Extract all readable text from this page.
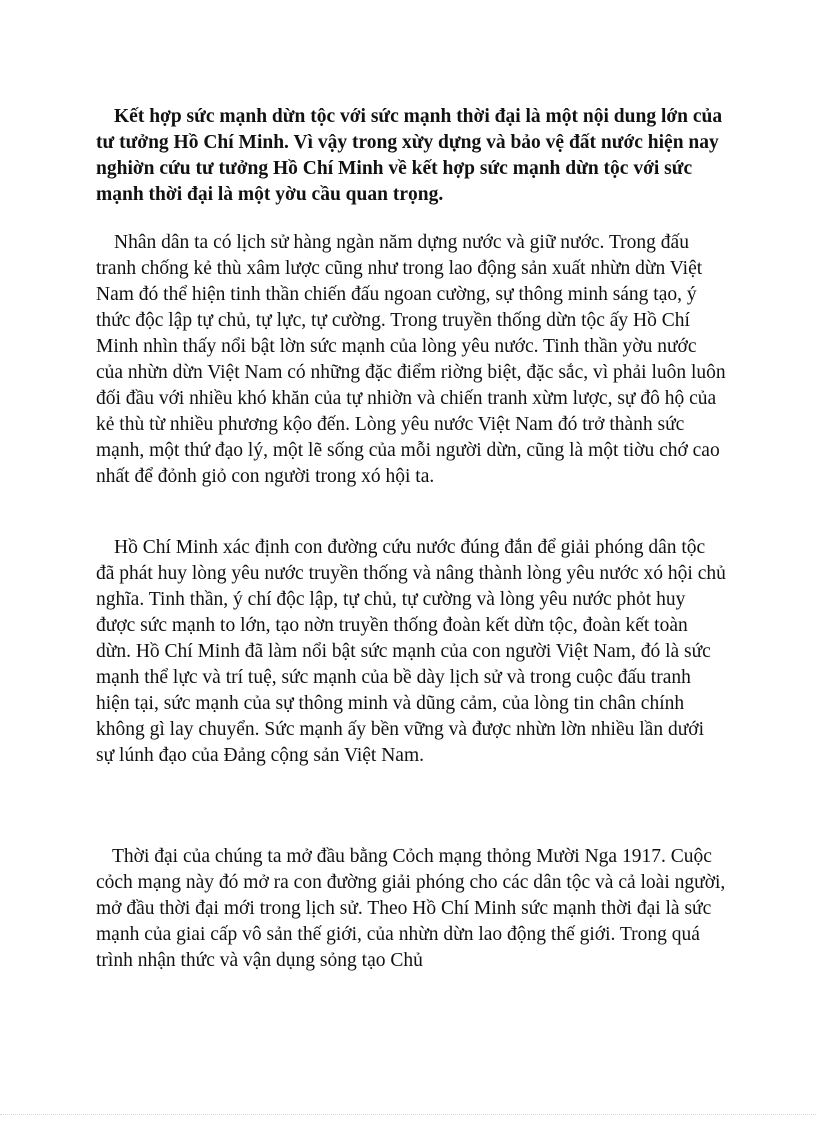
Kết hợp sức mạnh dừn tộc với sức mạnh thời đại là một nội dung lớn của tư tưởng Hồ Chí Minh. Vì vậy trong xừy dựng và bảo vệ đất nước hiện nay nghiờn cứu tư tưởng Hồ Chí Minh về kết hợp sức mạnh dừn tộc với sức mạnh thời đại là một yờu cầu quan trọng.

Nhân dân ta có lịch sử hàng ngàn năm dựng nước và giữ nước. Trong đấu tranh chống kẻ thù xâm lược cũng như trong lao động sản xuất nhừn dừn Việt Nam đó thể hiện tinh thần chiến đấu ngoan cường, sự thông minh sáng tạo, ý thức độc lập tự chủ, tự lực, tự cường. Trong truyền thống dừn tộc ấy Hồ Chí Minh nhìn thấy nổi bật lờn sức mạnh của lòng yêu nước. Tinh thần yờu nước của nhừn dừn Việt Nam có những đặc điểm riờng biệt, đặc sắc, vì phải luôn luôn đối đầu với nhiều khó khăn của tự nhiờn và chiến tranh xừm lược, sự đô hộ của kẻ thù từ nhiều phương kộo đến. Lòng yêu nước Việt Nam đó trở thành sức mạnh, một thứ đạo lý, một lẽ sống của mỗi người dừn, cũng là một tiờu chớ cao nhất để đỏnh giỏ con người trong xó hội ta.

Hồ Chí Minh xác định con đường cứu nước đúng đắn để giải phóng dân tộc đã phát huy lòng yêu nước truyền thống và nâng thành lòng yêu nước xó hội chủ nghĩa. Tinh thần, ý chí độc lập, tự chủ, tự cường và lòng yêu nước phỏt huy được sức mạnh to lớn, tạo nờn truyền thống đoàn kết dừn tộc, đoàn kết toàn dừn. Hồ Chí Minh đã làm nổi bật sức mạnh của con người Việt Nam, đó là sức mạnh thể lực và trí tuệ, sức mạnh của bề dày lịch sử và trong cuộc đấu tranh hiện tại, sức mạnh của sự thông minh và dũng cảm, của lòng tin chân chính không gì lay chuyển. Sức mạnh ấy bền vững và được nhừn lờn nhiều lần dưới sự lúnh đạo của Đảng cộng sản Việt Nam.

Thời đại của chúng ta mở đầu bằng Cỏch mạng thỏng Mười Nga 1917. Cuộc cỏch mạng này đó mở ra con đường giải phóng cho các dân tộc và cả loài người, mở đầu thời đại mới trong lịch sử. Theo Hồ Chí Minh sức mạnh thời đại là sức mạnh của giai cấp vô sản thế giới, của nhừn dừn lao động thế giới. Trong quá trình nhận thức và vận dụng sỏng tạo Chủ
